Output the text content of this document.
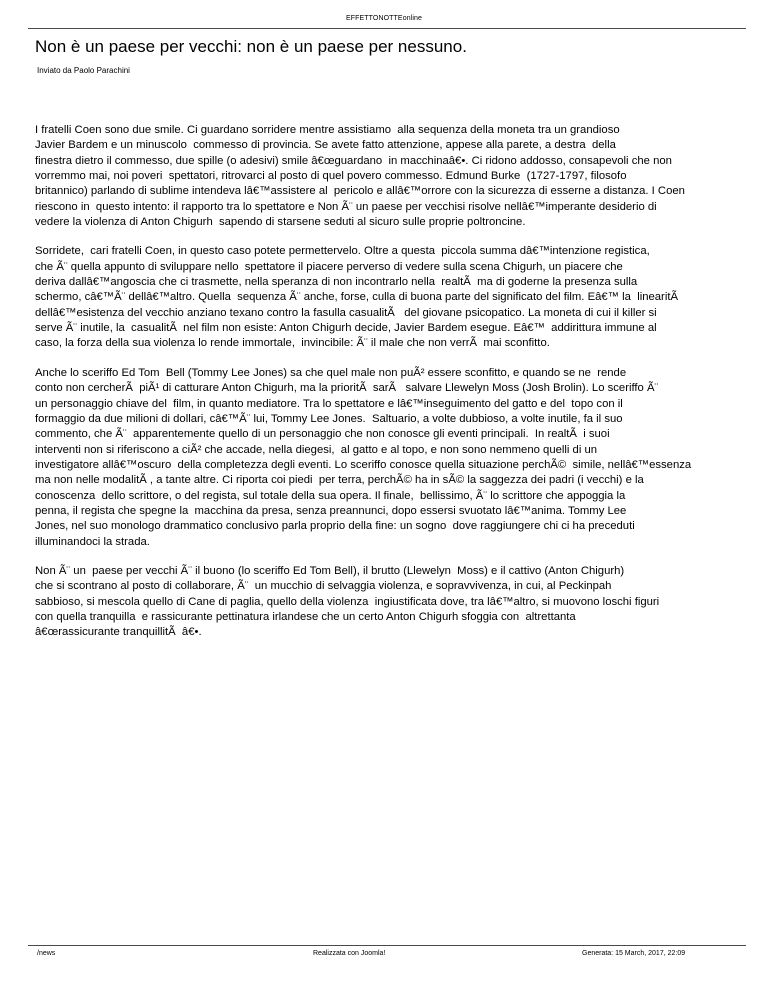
EFFETTONOTTEonline
Non è un paese per vecchi: non è un paese per nessuno.
Inviato da Paolo Parachini

I fratelli Coen sono due smile. Ci guardano sorridere mentre assistiamo  alla sequenza della moneta tra un grandioso
Javier Bardem e un minuscolo  commesso di provincia. Se avete fatto attenzione, appese alla parete, a destra  della
finestra dietro il commesso, due spille (o adesivi) smile â€œguardano  in macchinaâ€•. Ci ridono addosso, consapevoli che non
vorremmo mai, noi poveri  spettatori, ritrovarci al posto di quel povero commesso. Edmund Burke  (1727-1797, filosofo
britannico) parlando di sublime intendeva lâ€™assistere al  pericolo e allâ€™orrore con la sicurezza di esserne a distanza. I Coen
riescono in  questo intento: il rapporto tra lo spettatore e Non Ã¨ un paese per vecchisi risolve nellâ€™imperante desiderio di
vedere la violenza di Anton Chigurh  sapendo di starsene seduti al sicuro sulle proprie poltroncine.

Sorridete,  cari fratelli Coen, in questo caso potete permettervelo. Oltre a questa  piccola summa dâ€™intenzione registica,
che Ã¨ quella appunto di sviluppare nello  spettatore il piacere perverso di vedere sulla scena Chigurh, un piacere che
deriva dallâ€™angoscia che ci trasmette, nella speranza di non incontrarlo nella  realtÃ  ma di goderne la presenza sulla
schermo, câ€™Ã¨ dellâ€™altro. Quella  sequenza Ã¨ anche, forse, culla di buona parte del significato del film. Eâ€™ la  linearitÃ
dellâ€™esistenza del vecchio anziano texano contro la fasulla casualitÃ   del giovane psicopatico. La moneta di cui il killer si
serve Ã¨ inutile, la  casualitÃ  nel film non esiste: Anton Chigurh decide, Javier Bardem esegue. Eâ€™  addirittura immune al
caso, la forza della sua violenza lo rende immortale,  invincibile: Ã¨ il male che non verrÃ  mai sconfitto.

Anche lo sceriffo Ed Tom  Bell (Tommy Lee Jones) sa che quel male non puÃ² essere sconfitto, e quando se ne  rende
conto non cercherÃ  piÃ¹ di catturare Anton Chigurh, ma la prioritÃ  sarÃ   salvare Llewelyn Moss (Josh Brolin). Lo sceriffo Ã¨
un personaggio chiave del  film, in quanto mediatore. Tra lo spettatore e lâ€™inseguimento del gatto e del  topo con il
formaggio da due milioni di dollari, câ€™Ã¨ lui, Tommy Lee Jones.  Saltuario, a volte dubbioso, a volte inutile, fa il suo
commento, che Ã¨  apparentemente quello di un personaggio che non conosce gli eventi principali.  In realtÃ  i suoi
interventi non si riferiscono a ciÃ² che accade, nella diegesi,  al gatto e al topo, e non sono nemmeno quelli di un
investigatore allâ€™oscuro  della completezza degli eventi. Lo sceriffo conosce quella situazione perchÃ©  simile, nellâ€™essenza
ma non nelle modalitÃ , a tante altre. Ci riporta coi piedi  per terra, perchÃ© ha in sÃ© la saggezza dei padri (i vecchi) e la
conoscenza  dello scrittore, o del regista, sul totale della sua opera. Il finale,  bellissimo, Ã¨ lo scrittore che appoggia la
penna, il regista che spegne la  macchina da presa, senza preannunci, dopo essersi svuotato lâ€™anima. Tommy Lee
Jones, nel suo monologo drammatico conclusivo parla proprio della fine: un sogno  dove raggiungere chi ci ha preceduti
illuminandoci la strada.

Non Ã¨ un  paese per vecchi Ã¨ il buono (lo sceriffo Ed Tom Bell), il brutto (Llewelyn  Moss) e il cattivo (Anton Chigurh)
che si scontrano al posto di collaborare, Ã¨  un mucchio di selvaggia violenza, e sopravvivenza, in cui, al Peckinpah
sabbioso, si mescola quello di Cane di paglia, quello della violenza  ingiustificata dove, tra lâ€™altro, si muovono loschi figuri
con quella tranquilla  e rassicurante pettinatura irlandese che un certo Anton Chigurh sfoggia con  altrettanta
â€œrassicurante tranquillitÃ  â€•.

/news	Realizzata con Joomla!	Generata: 15 March, 2017, 22:09
